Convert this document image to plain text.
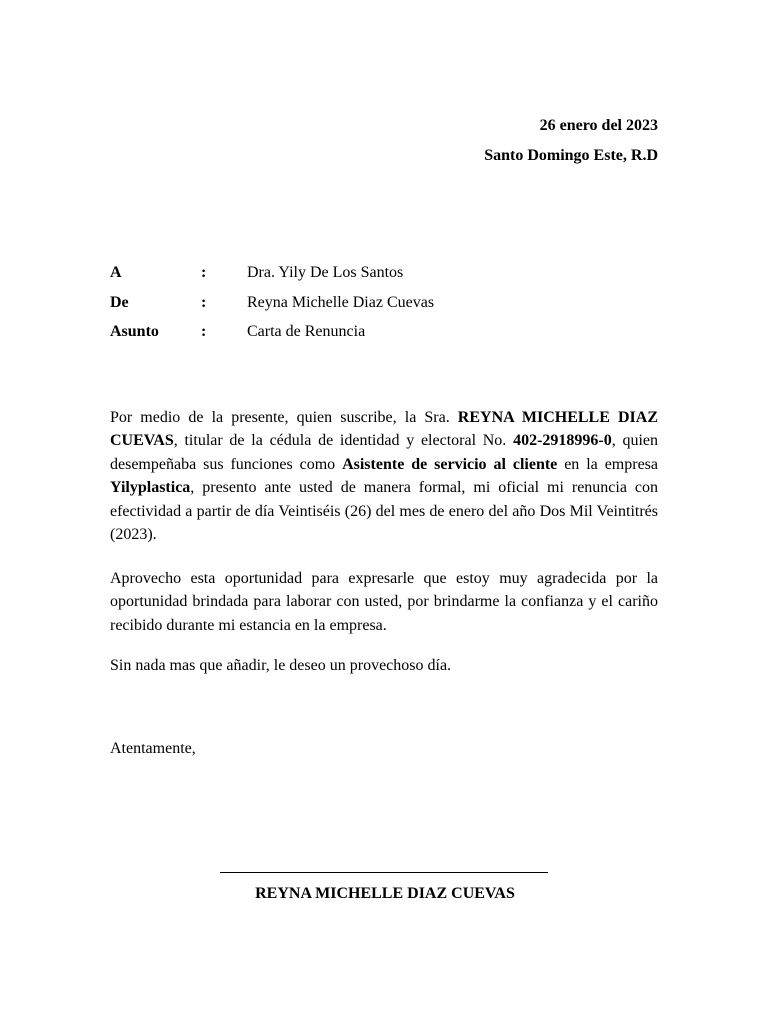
26 enero del 2023
Santo Domingo Este, R.D
A	:	Dra. Yily De Los Santos
De	:	Reyna Michelle Diaz Cuevas
Asunto	:	Carta de Renuncia

Por medio de la presente, quien suscribe, la Sra. REYNA MICHELLE DIAZ CUEVAS, titular de la cédula de identidad y electoral No. 402-2918996-0, quien desempeñaba sus funciones como Asistente de servicio al cliente en la empresa Yilyplastica, presento ante usted de manera formal, mi oficial mi renuncia con efectividad a partir de día Veintiséis (26) del mes de enero del año Dos Mil Veintitrés (2023).

Aprovecho esta oportunidad para expresarle que estoy muy agradecida por la oportunidad brindada para laborar con usted, por brindarme la confianza y el cariño recibido durante mi estancia en la empresa.

Sin nada mas que añadir, le deseo un provechoso día.
Atentamente,
REYNA MICHELLE DIAZ CUEVAS
